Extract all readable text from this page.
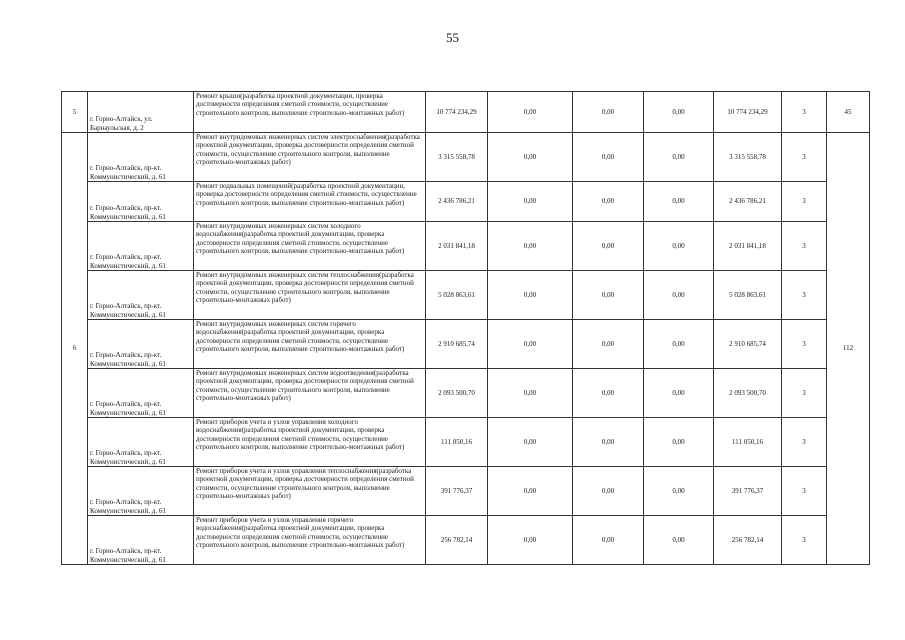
55
5	г. Горно-Алтайск, ул. Барнаульская, д. 2	Ремонт крыши(разработка проектной документации, проверка достоверности определения сметной стоимости, осуществление строительного контроля, выполнение строительно-монтажных работ)	10 774 234,29	0,00	0,00	0,00	10 774 234,29	3	45
6	г. Горно-Алтайск, пр-кт. Коммунистический, д. 61	Ремонт внутридомовых инженерных систем электроснабжения(разработка проектной документации, проверка достоверности определения сметной стоимости, осуществление строительного контроля, выполнение строительно-монтажных работ)	3 315 558,78	0,00	0,00	0,00	3 315 558,78	3	112
	г. Горно-Алтайск, пр-кт. Коммунистический, д. 61	Ремонт подвальных помещений(разработка проектной документации, проверка достоверности определения сметной стоимости, осуществление строительного контроля, выполнение строительно-монтажных работ)	2 436 786,21	0,00	0,00	0,00	2 436 786,21	3	
	г. Горно-Алтайск, пр-кт. Коммунистический, д. 61	Ремонт внутридомовых инженерных систем холодного водоснабжения(разработка проектной документации, проверка достоверности определения сметной стоимости, осуществление строительного контроля, выполнение строительно-монтажных работ)	2 031 841,18	0,00	0,00	0,00	2 031 841,18	3	
	г. Горно-Алтайск, пр-кт. Коммунистический, д. 61	Ремонт внутридомовых инженерных систем теплоснабжения(разработка проектной документации, проверка достоверности определения сметной стоимости, осуществление строительного контроля, выполнение строительно-монтажных работ)	5 028 863,61	0,00	0,00	0,00	5 028 863,61	3	
	г. Горно-Алтайск, пр-кт. Коммунистический, д. 61	Ремонт внутридомовых инженерных систем горячего водоснабжения(разработка проектной документации, проверка достоверности определения сметной стоимости, осуществление строительного контроля, выполнение строительно-монтажных работ)	2 910 685,74	0,00	0,00	0,00	2 910 685,74	3	
	г. Горно-Алтайск, пр-кт. Коммунистический, д. 61	Ремонт внутридомовых инженерных систем водоотведения(разработка проектной документации, проверка достоверности определения сметной стоимости, осуществление строительного контроля, выполнение строительно-монтажных работ)	2 093 500,70	0,00	0,00	0,00	2 093 500,70	3	
	г. Горно-Алтайск, пр-кт. Коммунистический, д. 61	Ремонт приборов учета и узлов управления холодного водоснабжения(разработка проектной документации, проверка достоверности определения сметной стоимости, осуществление строительного контроля, выполнение строительно-монтажных работ)	111 050,16	0,00	0,00	0,00	111 050,16	3	
	г. Горно-Алтайск, пр-кт. Коммунистический, д. 61	Ремонт приборов учета и узлов управления теплоснабжения(разработка проектной документации, проверка достоверности определения сметной стоимости, осуществление строительного контроля, выполнение строительно-монтажных работ)	391 776,37	0,00	0,00	0,00	391 776,37	3	
	г. Горно-Алтайск, пр-кт. Коммунистический, д. 61	Ремонт приборов учета и узлов управления горячего водоснабжения(разработка проектной документации, проверка достоверности определения сметной стоимости, осуществление строительного контроля, выполнение строительно-монтажных работ)	256 782,14	0,00	0,00	0,00	256 782,14	3	
